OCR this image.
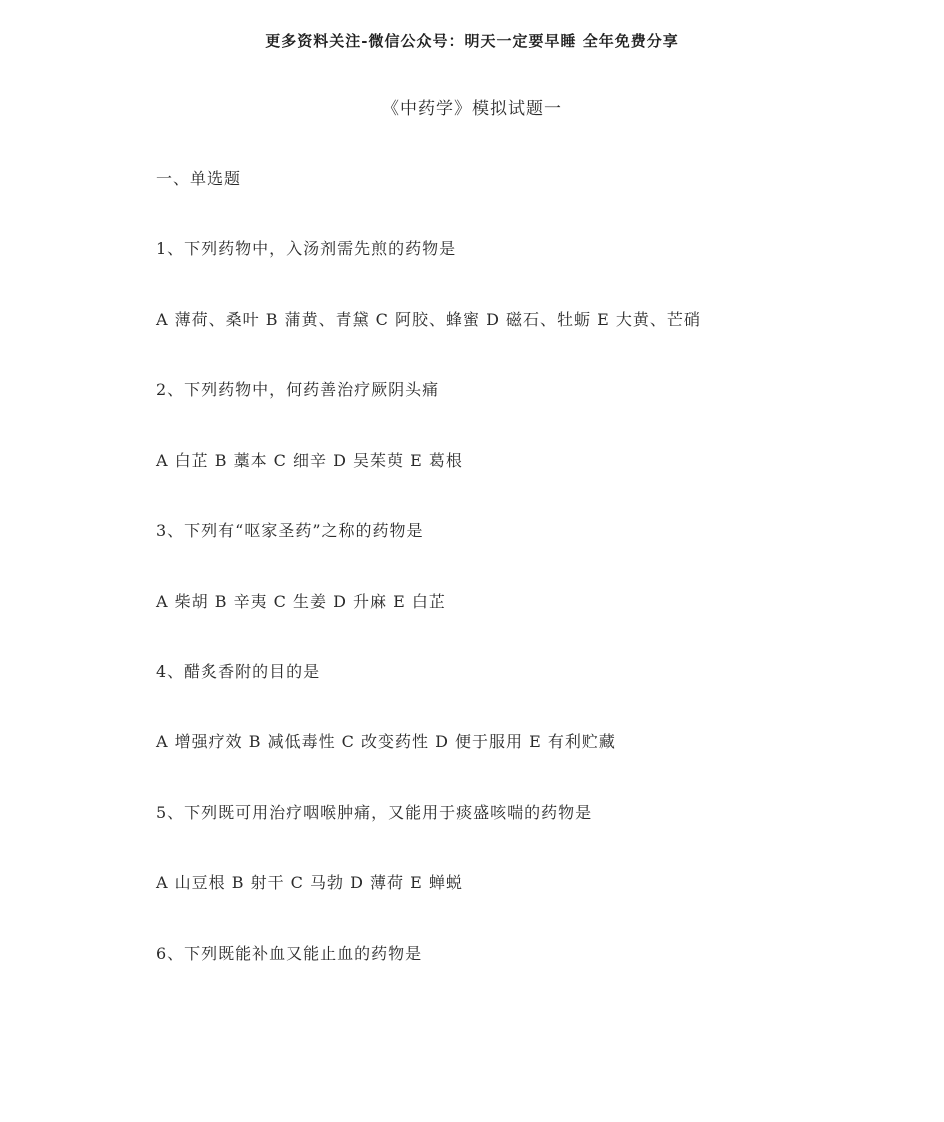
更多资料关注-微信公众号：明天一定要早睡 全年免费分享
《中药学》模拟试题一
一、单选题
1、下列药物中，入汤剂需先煎的药物是
A 薄荷、桑叶 B 蒲黄、青黛 C 阿胶、蜂蜜 D 磁石、牡蛎 E 大黄、芒硝
2、下列药物中，何药善治疗厥阴头痛
A 白芷 B 藁本 C 细辛 D 吴茱萸 E 葛根
3、下列有“呕家圣药”之称的药物是
A 柴胡 B 辛夷 C 生姜 D 升麻 E 白芷
4、醋炙香附的目的是
A 增强疗效 B 减低毒性 C 改变药性 D 便于服用 E 有利贮藏
5、下列既可用治疗咽喉肿痛，又能用于痰盛咳喘的药物是
A 山豆根 B 射干 C 马勃 D 薄荷 E 蝉蜕
6、下列既能补血又能止血的药物是
